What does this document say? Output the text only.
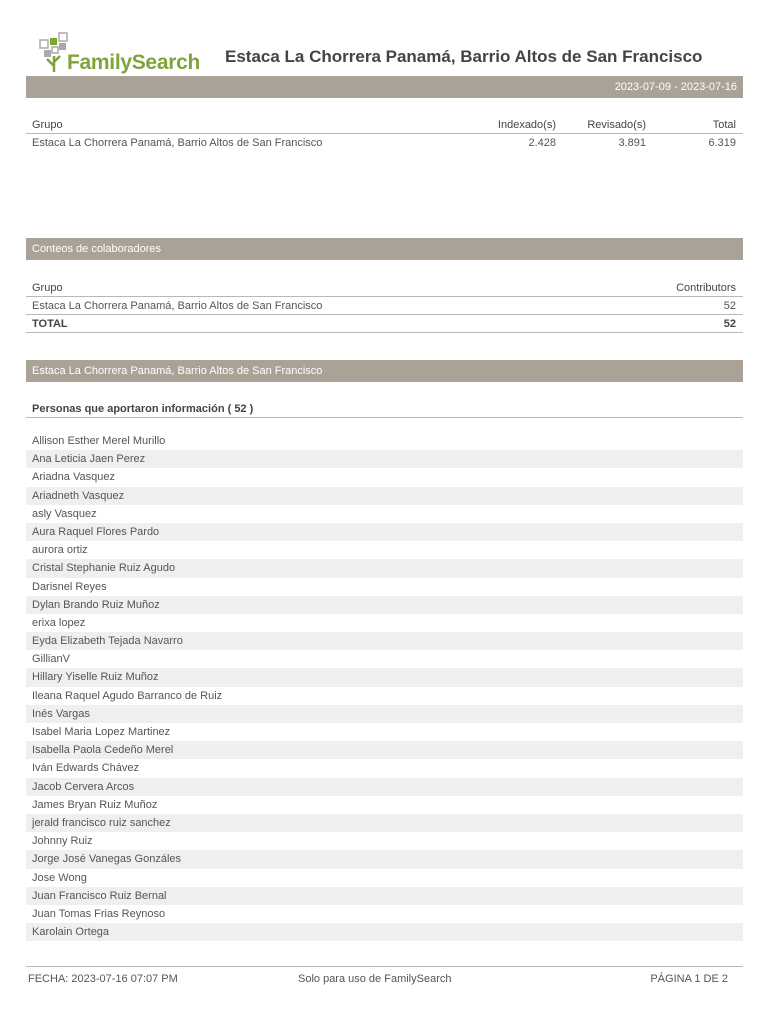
FamilySearch Estaca La Chorrera Panamá, Barrio Altos de San Francisco
2023-07-09 - 2023-07-16
Grupo	Indexado(s)	Revisado(s)	Total
Estaca La Chorrera Panamá, Barrio Altos de San Francisco	2.428	3.891	6.319
Conteos de colaboradores
Grupo	Contributors
Estaca La Chorrera Panamá, Barrio Altos de San Francisco	52
TOTAL	52
Estaca La Chorrera Panamá, Barrio Altos de San Francisco
Personas que aportaron información ( 52 )
Allison Esther Merel Murillo
Ana Leticia Jaen Perez
Ariadna Vasquez
Ariadneth Vasquez
asly Vasquez
Aura Raquel Flores Pardo
aurora ortiz
Cristal Stephanie Ruiz Agudo
Darisnel Reyes
Dylan Brando Ruiz Muñoz
erixa lopez
Eyda Elizabeth Tejada Navarro
GillianV
Hillary Yiselle Ruiz Muñoz
Ileana Raquel Agudo Barranco de Ruiz
Inés Vargas
Isabel Maria Lopez Martinez
Isabella Paola Cedeño Merel
Iván Edwards Chávez
Jacob Cervera Arcos
James Bryan Ruiz Muñoz
jerald francisco ruiz sanchez
Johnny Ruiz
Jorge José Vanegas Gonzáles
Jose Wong
Juan Francisco Ruiz Bernal
Juan Tomas Frias Reynoso
Karolain Ortega
FECHA: 2023-07-16 07:07 PM	Solo para uso de FamilySearch	PÁGINA 1 DE 2
